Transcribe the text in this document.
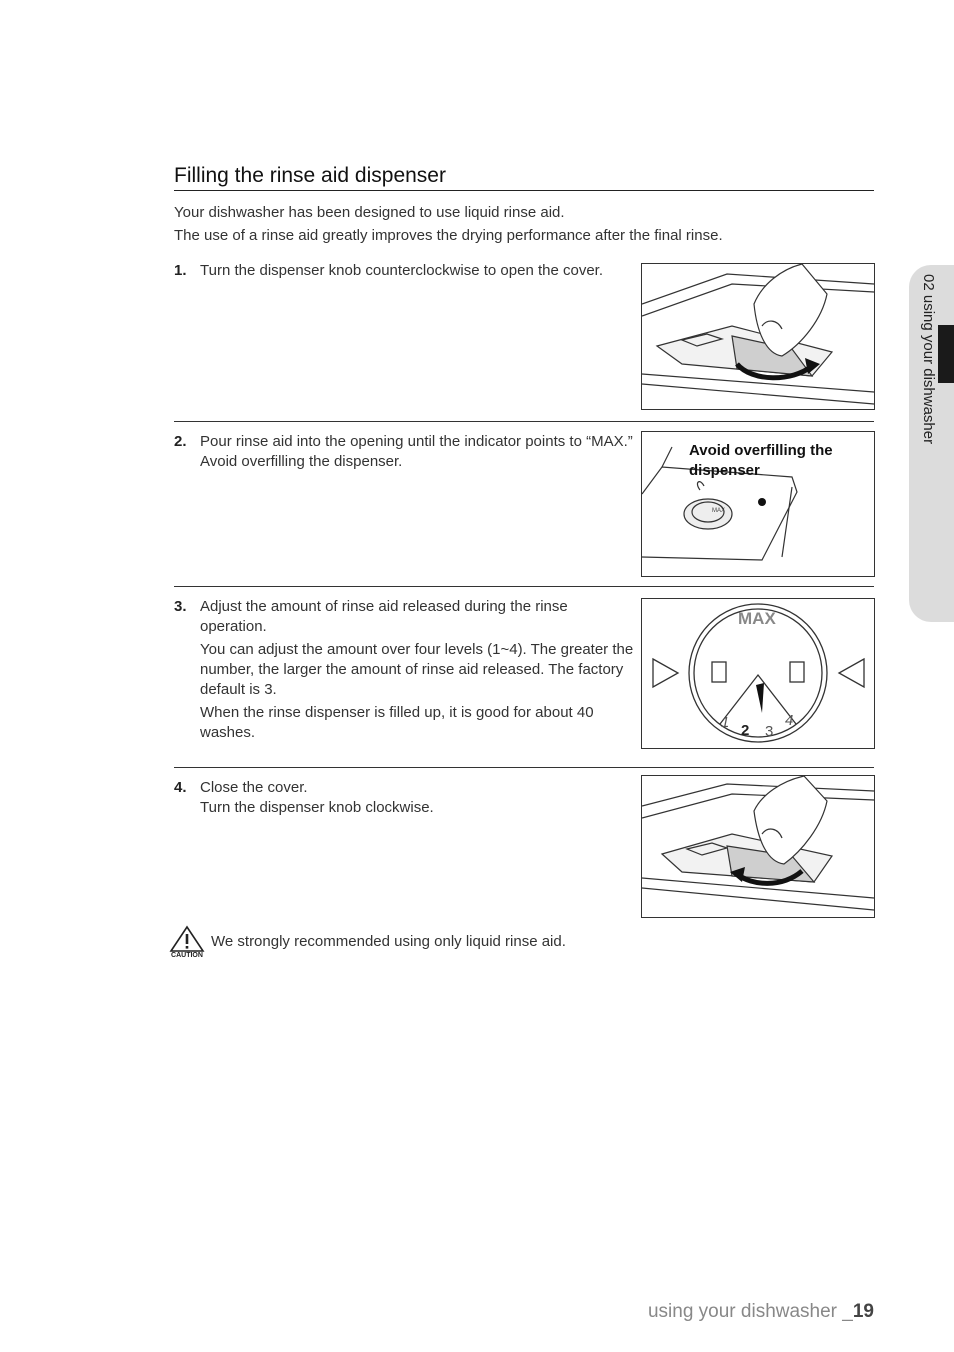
Filling the rinse aid dispenser
Your dishwasher has been designed to use liquid rinse aid.
The use of a rinse aid greatly improves the drying performance after the final rinse.
1. Turn the dispenser knob counterclockwise to open the cover.

2. Pour rinse aid into the opening until the indicator points to “MAX.” Avoid overfilling the dispenser.

MAX
Avoid overfilling the dispenser
3. Adjust the amount of rinse aid released during the rinse operation.

You can adjust the amount over four levels (1~4). The greater the number, the larger the amount of rinse aid released. The factory default is 3.

When the rinse dispenser is filled up, it is good for about 40 washes.

MAX
1 2 3
4
4. Close the cover.
Turn the dispenser knob clockwise.
CAUTION
We strongly recommended using only liquid rinse aid.
02 using your dishwasher
using your dishwasher _19
